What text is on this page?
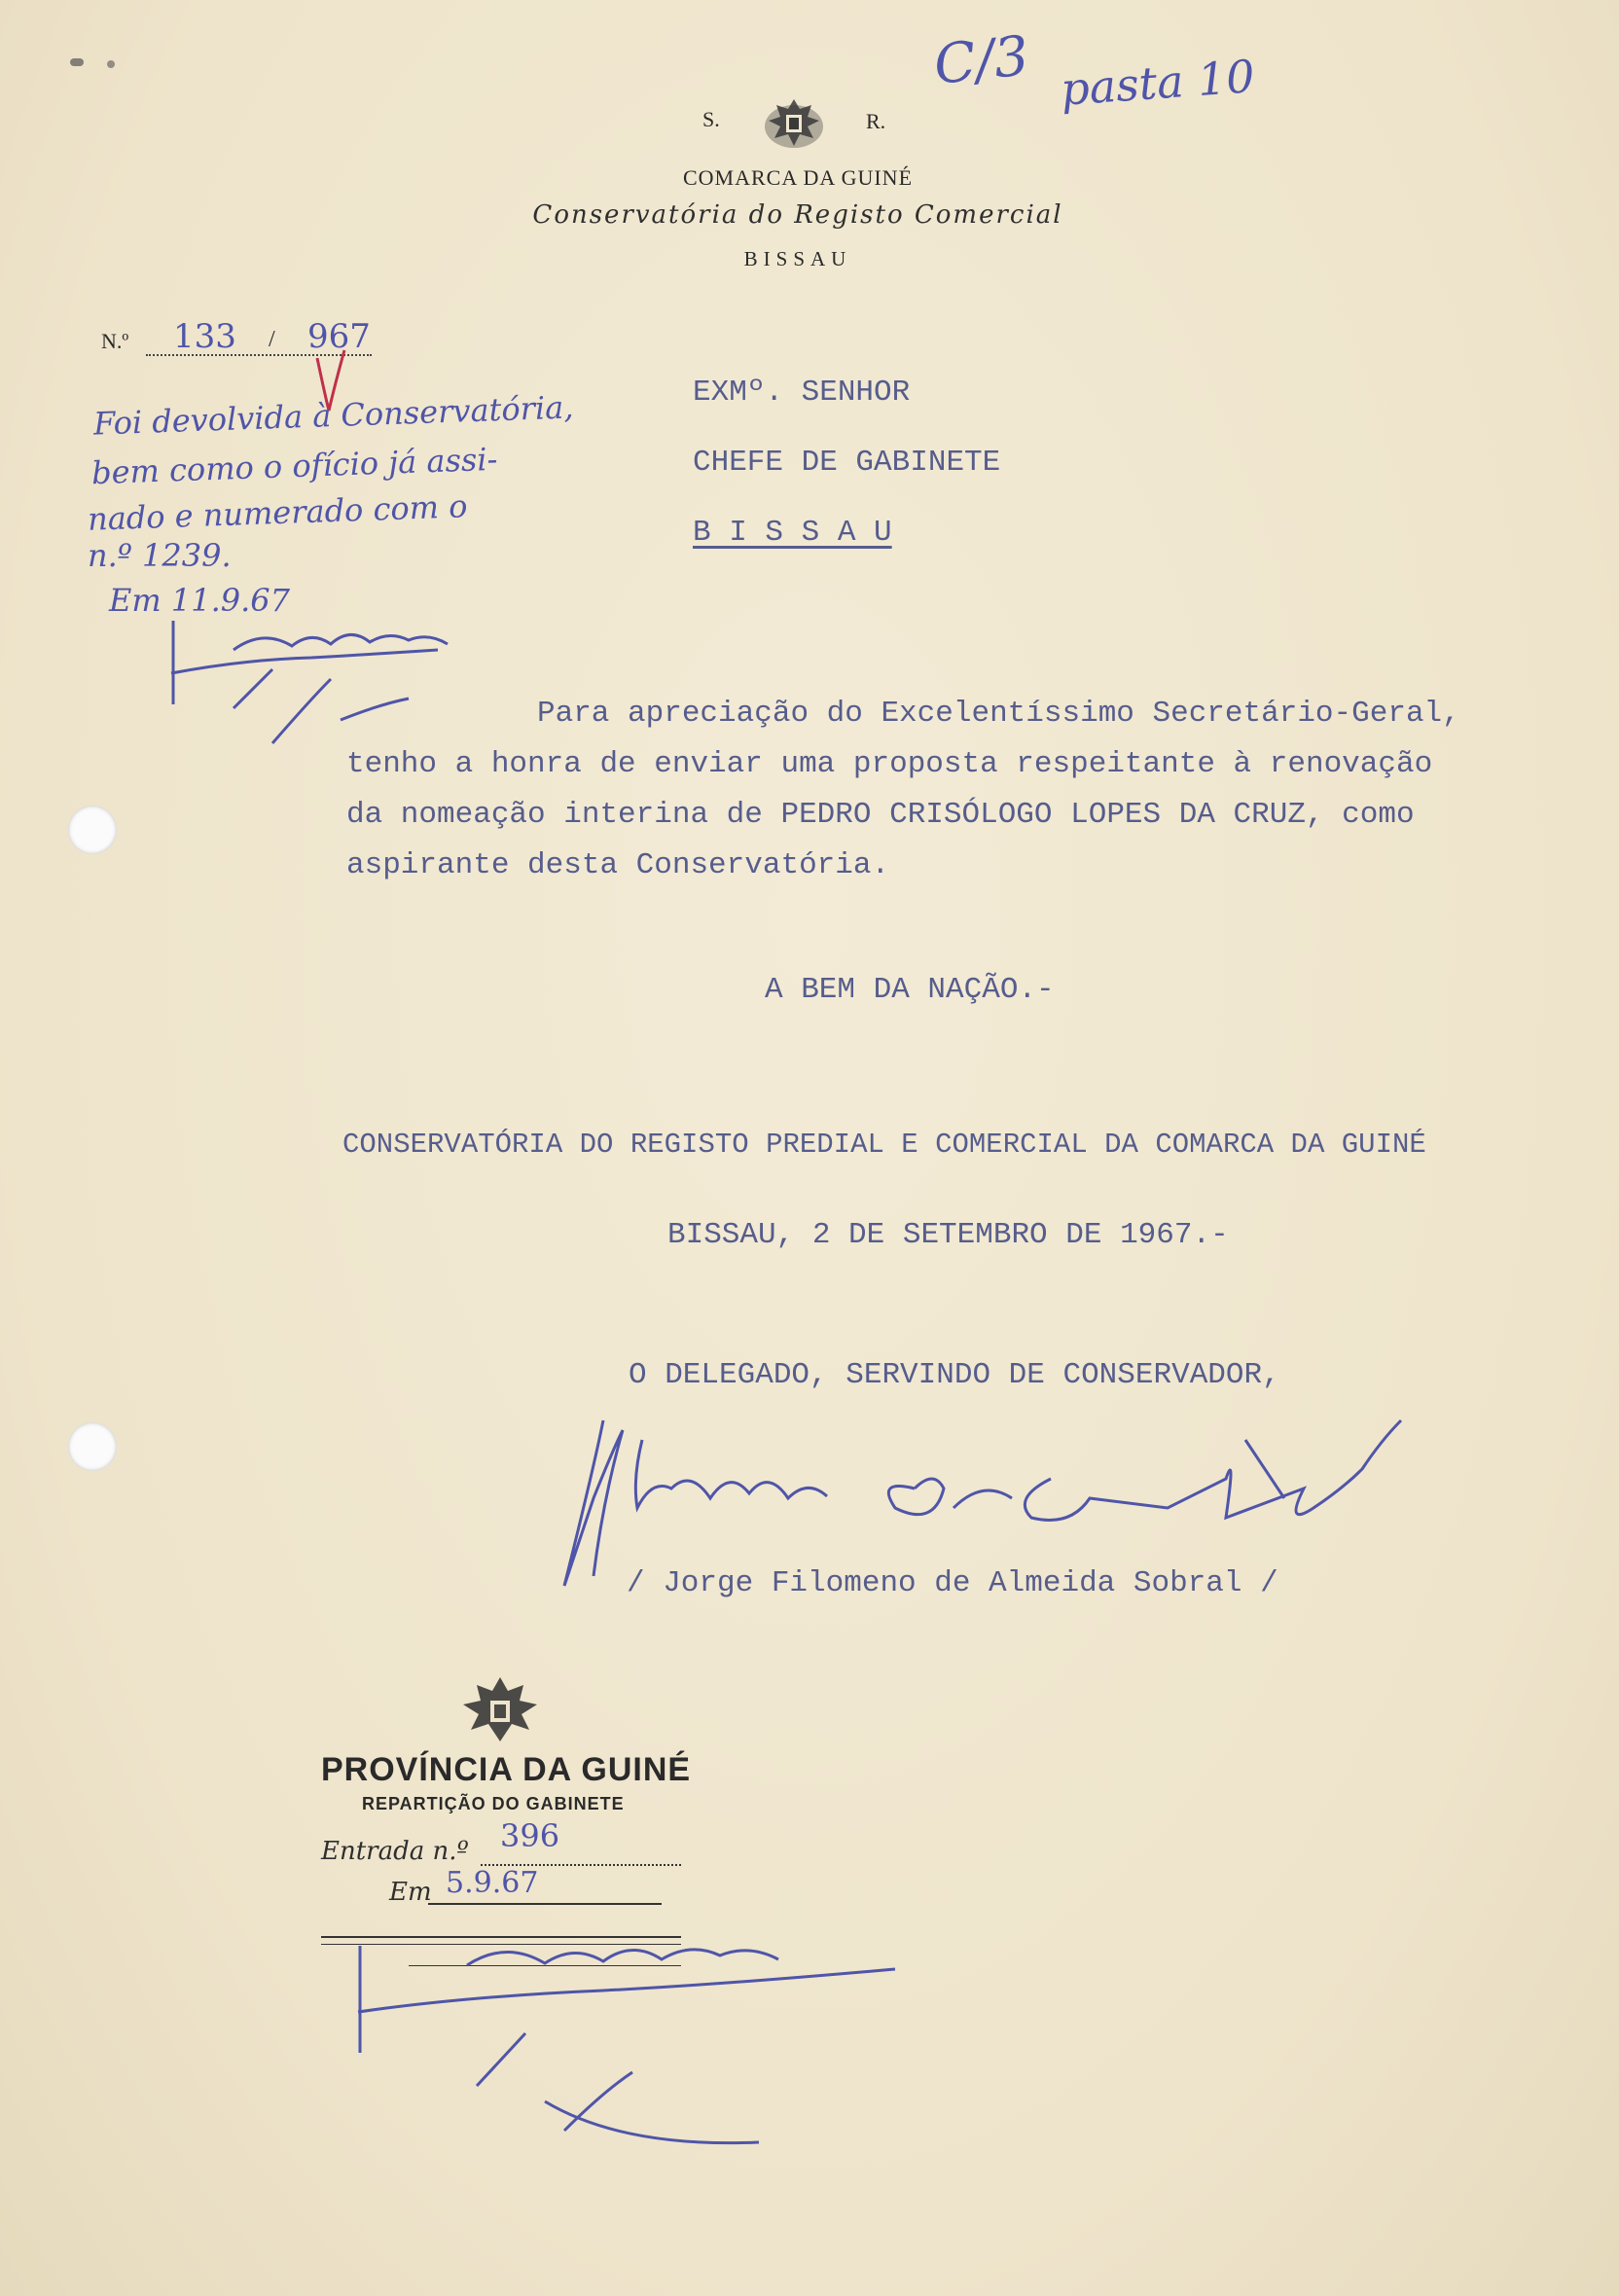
S.	R.
COMARCA DA GUINÉ
Conservatória do Registo Comercial
BISSAU
C/3 pasta 10
N.º 133 / 967
Foi devolvida à Conservatória,
bem como o ofício já assi-
nado e numerado com o
n.º 1239.
Em 11.9.67
EXMº. SENHOR
CHEFE DE GABINETE
B I S S A U
Para apreciação do Excelentíssimo Secretário-Geral,
tenho a honra de enviar uma proposta respeitante à renovação
da nomeação interina de PEDRO CRISÓLOGO LOPES DA CRUZ, como
aspirante desta Conservatória.
A BEM DA NAÇÃO.-
CONSERVATÓRIA DO REGISTO PREDIAL E COMERCIAL DA COMARCA DA GUINÉ
BISSAU, 2 DE SETEMBRO DE 1967.-
O DELEGADO, SERVINDO DE CONSERVADOR,
/ Jorge Filomeno de Almeida Sobral /
PROVÍNCIA DA GUINÉ
REPARTIÇÃO DO GABINETE
Entrada n.º 396
Em 5.9.67
